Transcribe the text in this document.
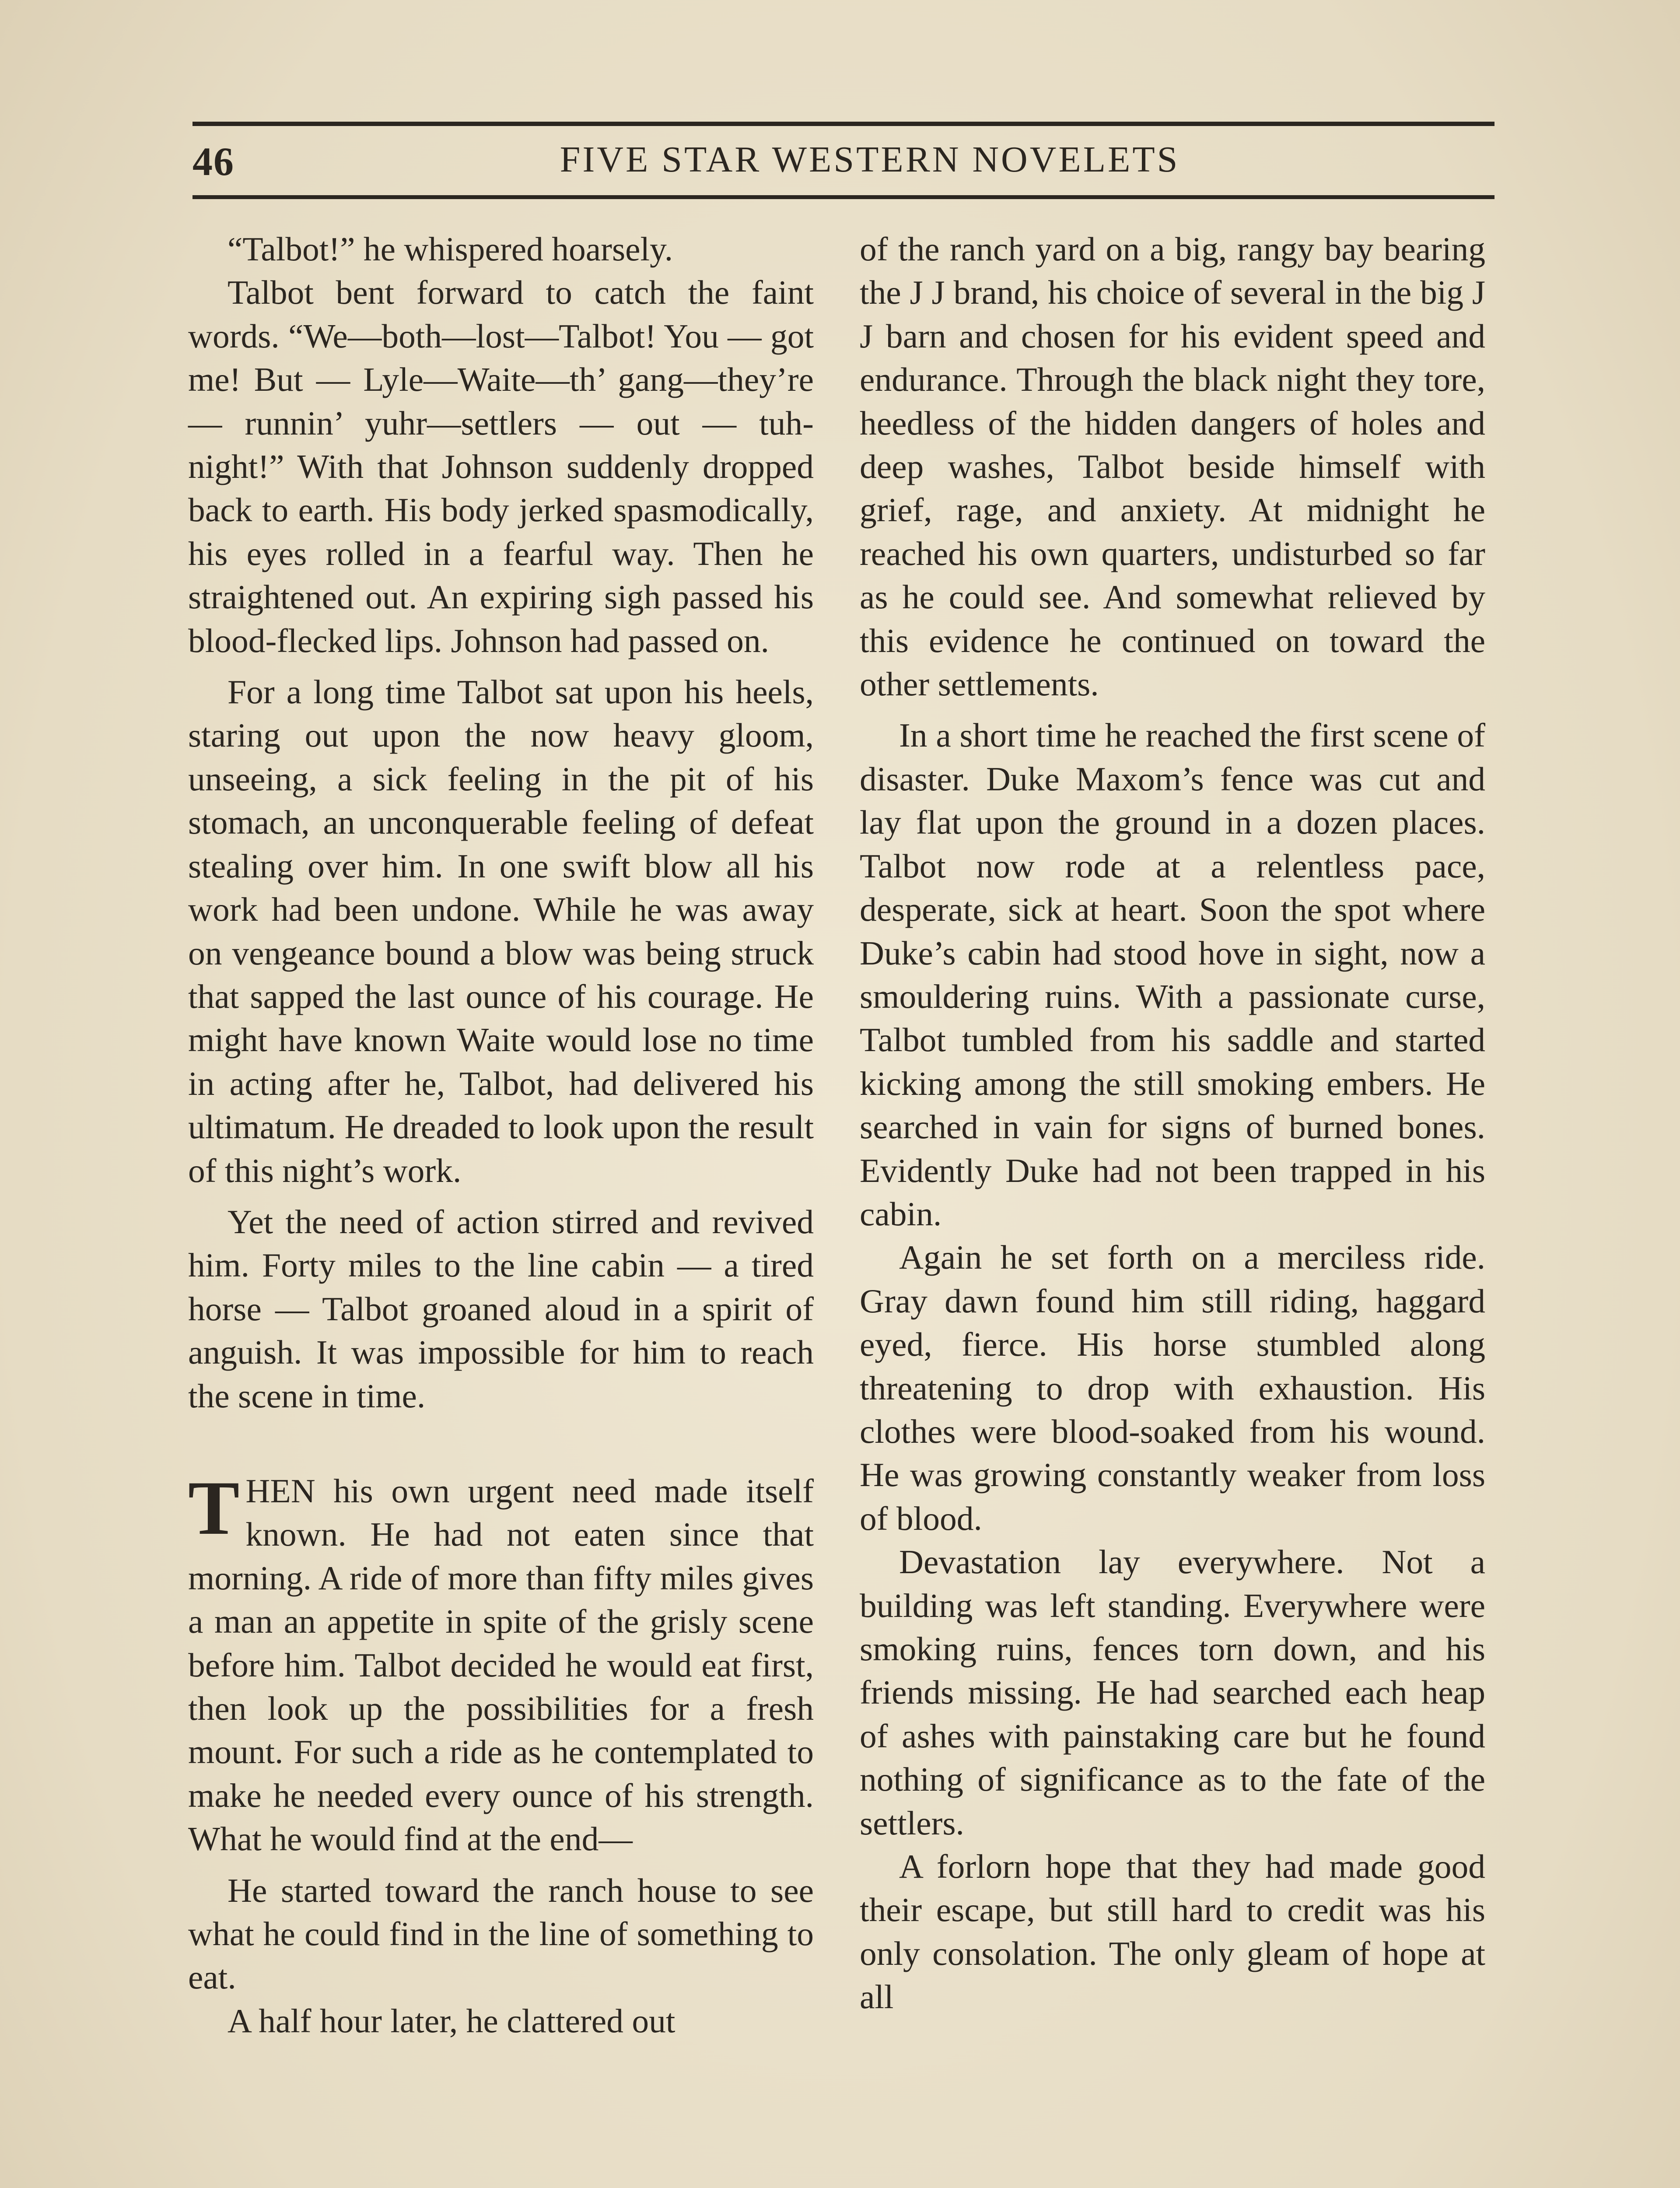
46	FIVE STAR WESTERN NOVELETS

“Talbot!” he whispered hoarsely.

Talbot bent forward to catch the faint words. “We—both—lost—Talbot! You — got me! But — Lyle—Waite—th’ gang—they’re — runnin’ yuhr—settlers — out — tuh-night!” With that Johnson suddenly dropped back to earth. His body jerked spasmodically, his eyes rolled in a fearful way. Then he straightened out. An expiring sigh passed his blood-flecked lips. Johnson had passed on.

For a long time Talbot sat upon his heels, staring out upon the now heavy gloom, unseeing, a sick feeling in the pit of his stomach, an unconquerable feeling of defeat stealing over him. In one swift blow all his work had been undone. While he was away on vengeance bound a blow was being struck that sapped the last ounce of his courage. He might have known Waite would lose no time in acting after he, Talbot, had delivered his ultimatum. He dreaded to look upon the result of this night’s work.

Yet the need of action stirred and revived him. Forty miles to the line cabin — a tired horse — Talbot groaned aloud in a spirit of anguish. It was impossible for him to reach the scene in time.

THEN his own urgent need made itself known. He had not eaten since that morning. A ride of more than fifty miles gives a man an appetite in spite of the grisly scene before him. Talbot decided he would eat first, then look up the possibilities for a fresh mount. For such a ride as he contemplated to make he needed every ounce of his strength. What he would find at the end—

He started toward the ranch house to see what he could find in the line of something to eat.

A half hour later, he clattered out

of the ranch yard on a big, rangy bay bearing the J J brand, his choice of several in the big J J barn and chosen for his evident speed and endurance. Through the black night they tore, heedless of the hidden dangers of holes and deep washes, Talbot beside himself with grief, rage, and anxiety. At midnight he reached his own quarters, undisturbed so far as he could see. And somewhat relieved by this evidence he continued on toward the other settlements.

In a short time he reached the first scene of disaster. Duke Maxom’s fence was cut and lay flat upon the ground in a dozen places. Talbot now rode at a relentless pace, desperate, sick at heart. Soon the spot where Duke’s cabin had stood hove in sight, now a smouldering ruins. With a passionate curse, Talbot tumbled from his saddle and started kicking among the still smoking embers. He searched in vain for signs of burned bones. Evidently Duke had not been trapped in his cabin.

Again he set forth on a merciless ride. Gray dawn found him still riding, haggard eyed, fierce. His horse stumbled along threatening to drop with exhaustion. His clothes were blood-soaked from his wound. He was growing constantly weaker from loss of blood.

Devastation lay everywhere. Not a building was left standing. Everywhere were smoking ruins, fences torn down, and his friends missing. He had searched each heap of ashes with painstaking care but he found nothing of significance as to the fate of the settlers.

A forlorn hope that they had made good their escape, but still hard to credit was his only consolation. The only gleam of hope at all
